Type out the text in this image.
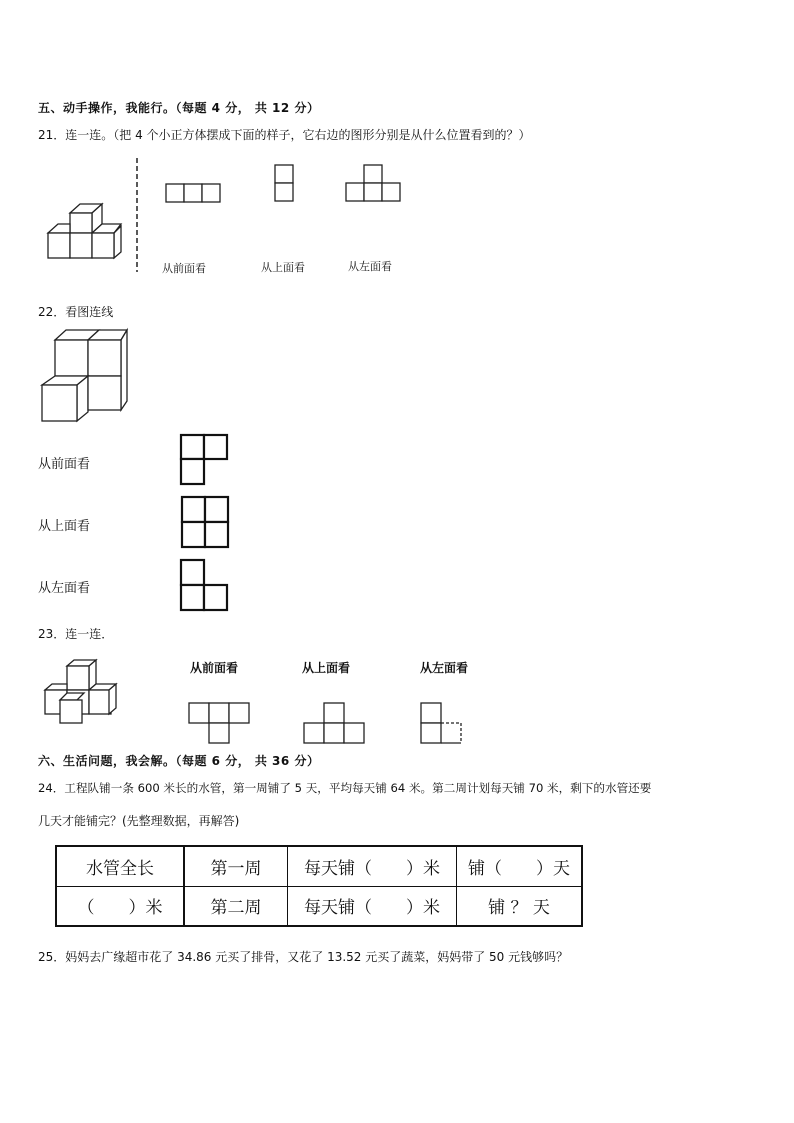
五、动手操作，我能行。（每题 4 分， 共 12 分）
21．连一连。（把 4 个小正方体摆成下面的样子，它右边的图形分别是从什么位置看到的？）
从前面看	从上面看	从左面看
22．看图连线
从前面看
从上面看
从左面看
23．连一连．
从前面看	从上面看	从左面看
六、生活问题，我会解。（每题 6 分， 共 36 分）
24．工程队铺一条 600 米长的水管，第一周铺了 5 天，平均每天铺 64 米。第二周计划每天铺 70 米，剩下的水管还要
几天才能铺完？(先整理数据，再解答)
水管全长	第一周	每天铺（　　）米	铺（　　）天
（　　）米	第二周	每天铺（　　）米	铺 ？ 天
25．妈妈去广缘超市花了 34.86 元买了排骨，又花了 13.52 元买了蔬菜，妈妈带了 50 元钱够吗？
